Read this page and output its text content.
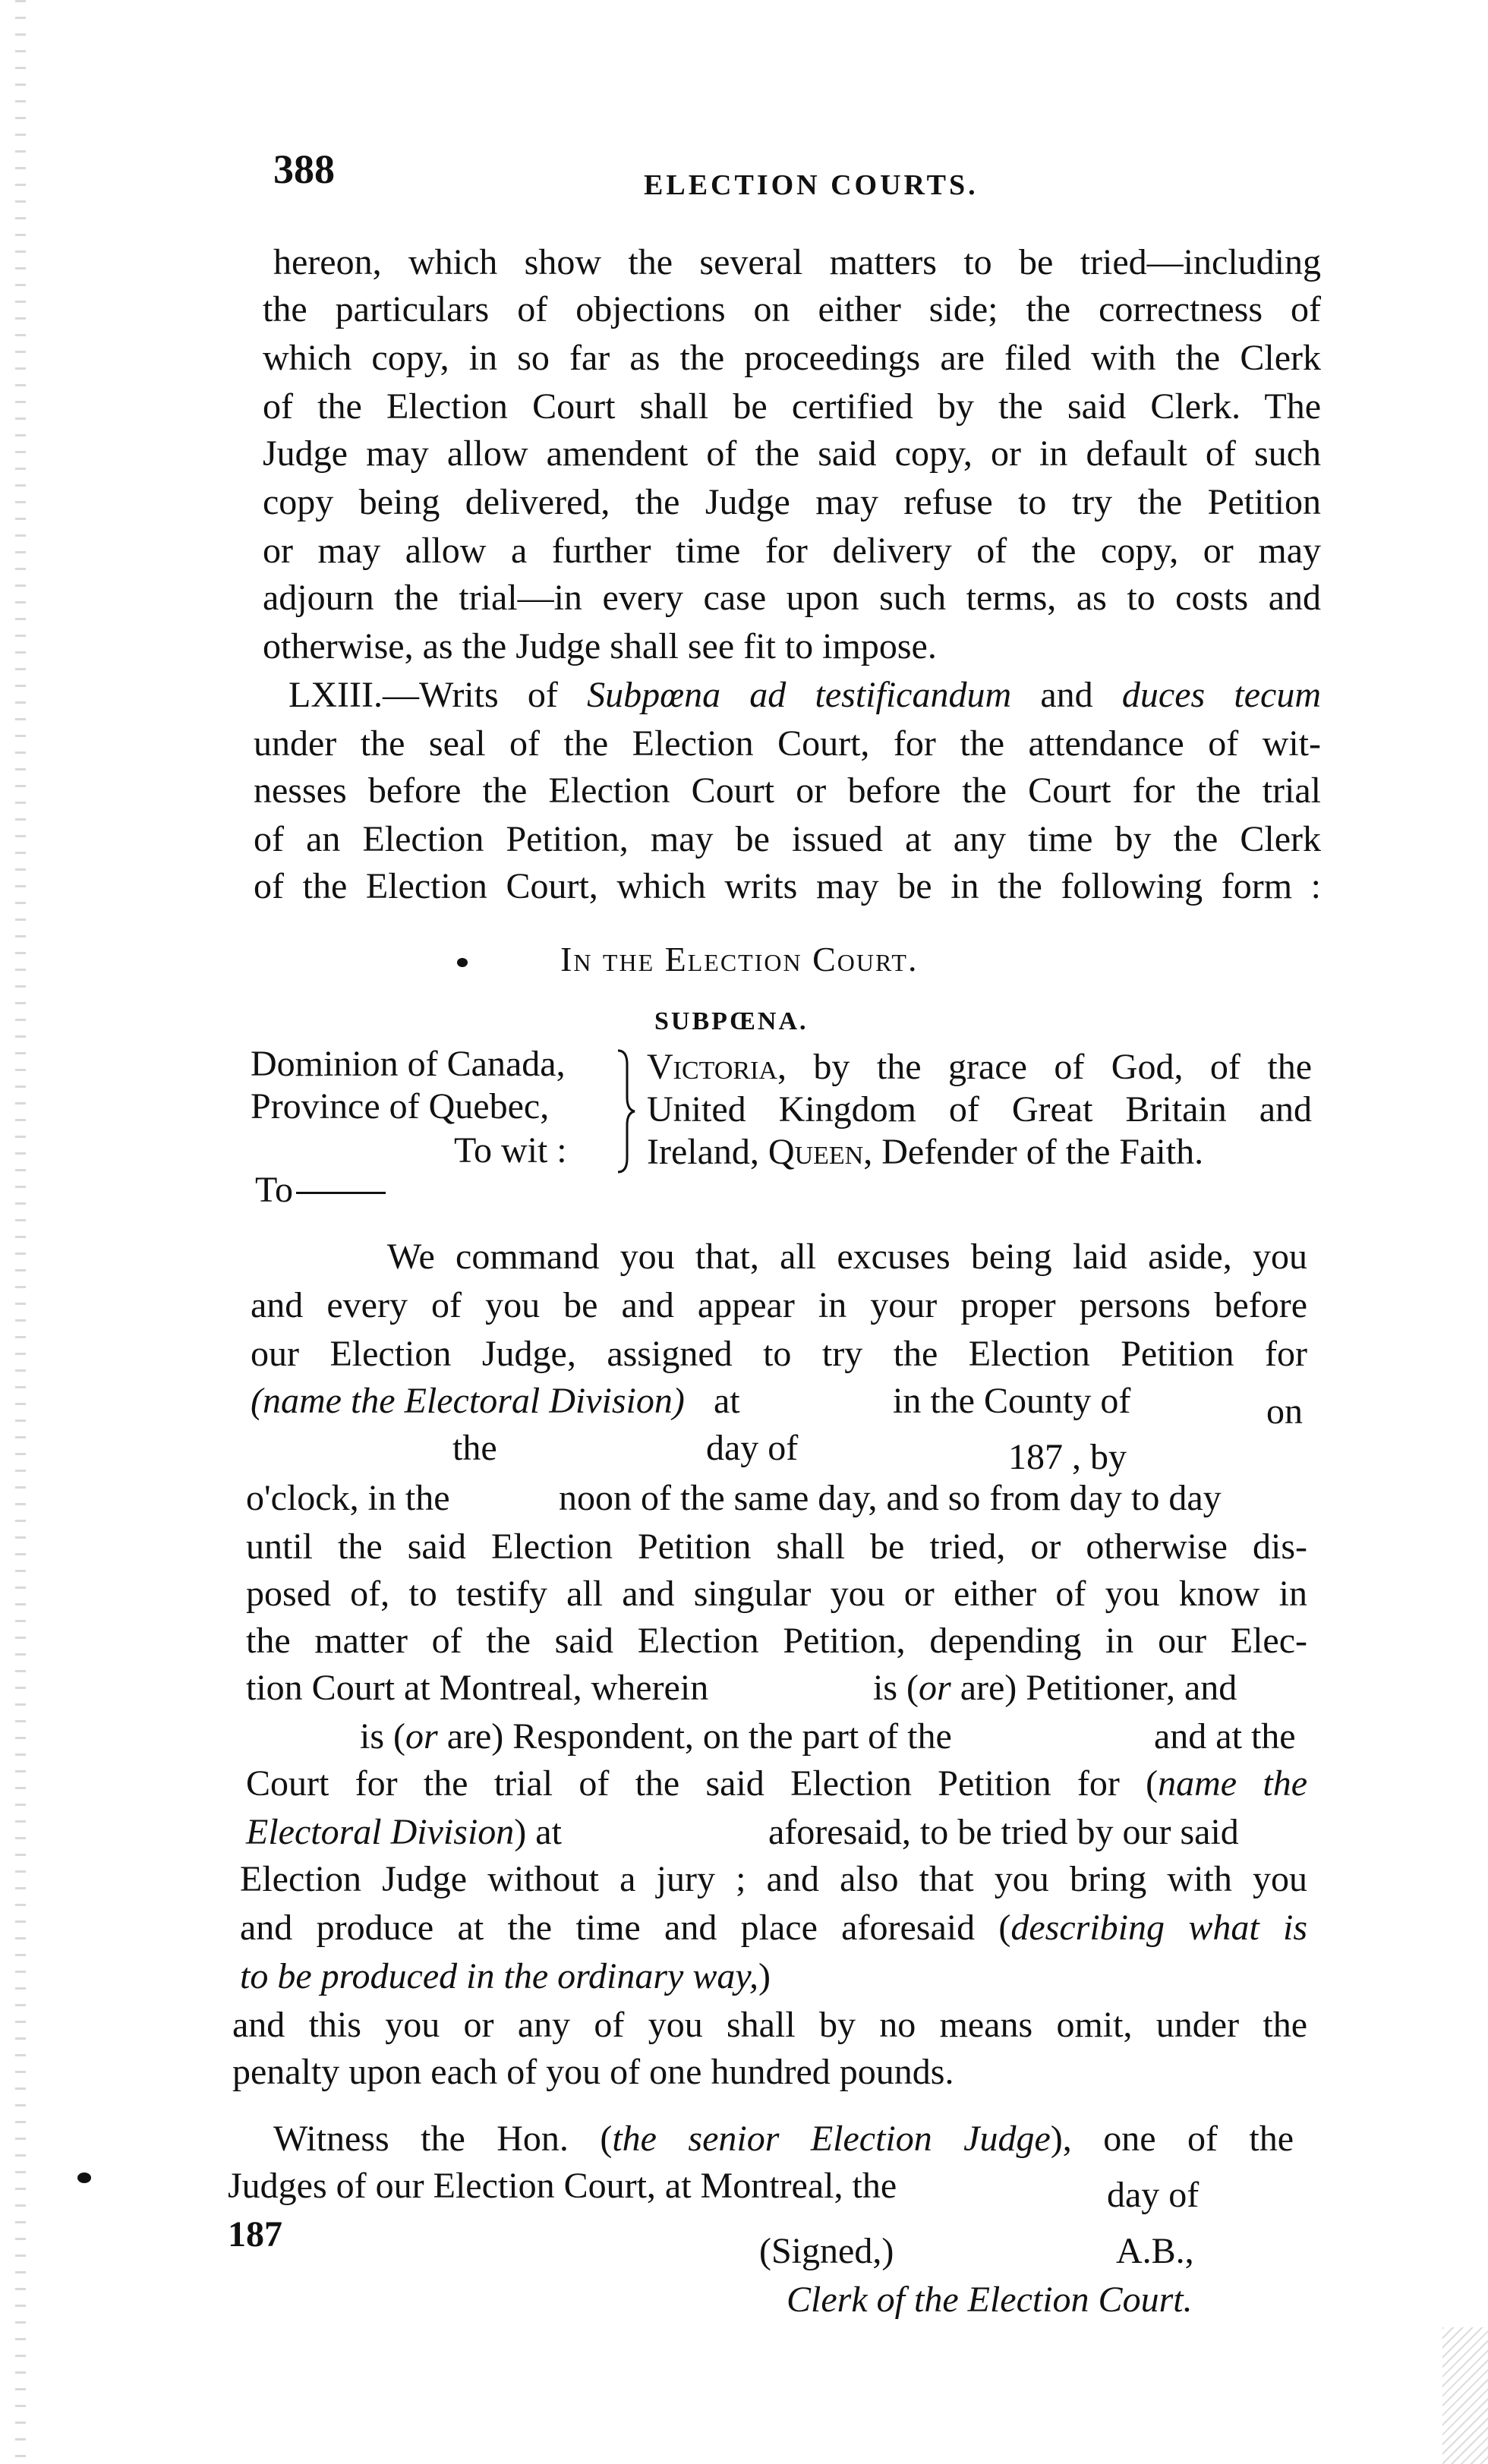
388	ELECTION COURTS.
hereon, which show the several matters to be tried—including
the particulars of objections on either side; the correctness of
which copy, in so far as the proceedings are filed with the Clerk
of the Election Court shall be certified by the said Clerk. The
Judge may allow amendent of the said copy, or in default of such
copy being delivered, the Judge may refuse to try the Petition
or may allow a further time for delivery of the copy, or may
adjourn the trial—in every case upon such terms, as to costs and
otherwise, as the Judge shall see fit to impose.
LXIII.—Writs of Subpœna ad testificandum and duces tecum
under the seal of the Election Court, for the attendance of wit-
nesses before the Election Court or before the Court for the trial
of an Election Petition, may be issued at any time by the Clerk
of the Election Court, which writs may be in the following form :
In the Election Court.
SUBPŒNA.
Dominion of Canada,
Province of Quebec,
To wit :
Victoria, by the grace of God, of the
United Kingdom of Great Britain and
Ireland, Queen, Defender of the Faith.
To
We command you that, all excuses being laid aside, you
and every of you be and appear in your proper persons before
our Election Judge, assigned to try the Election Petition for
(name the Electoral Division) at	in the County of	on
the	day of	187 , by
o'clock, in the	noon of the same day, and so from day to day
until the said Election Petition shall be tried, or otherwise dis-
posed of, to testify all and singular you or either of you know in
the matter of the said Election Petition, depending in our Elec-
tion Court at Montreal, wherein	is (or are) Petitioner, and
is (or are) Respondent, on the part of the	and at the
Court for the trial of the said Election Petition for (name the
Electoral Division) at	aforesaid, to be tried by our said
Election Judge without a jury ; and also that you bring with you
and produce at the time and place aforesaid (describing what is
to be produced in the ordinary way,)
and this you or any of you shall by no means omit, under the
penalty upon each of you of one hundred pounds.
Witness the Hon. (the senior Election Judge), one of the
Judges of our Election Court, at Montreal, the	day of
187	(Signed,)	A.B.,
Clerk of the Election Court.
